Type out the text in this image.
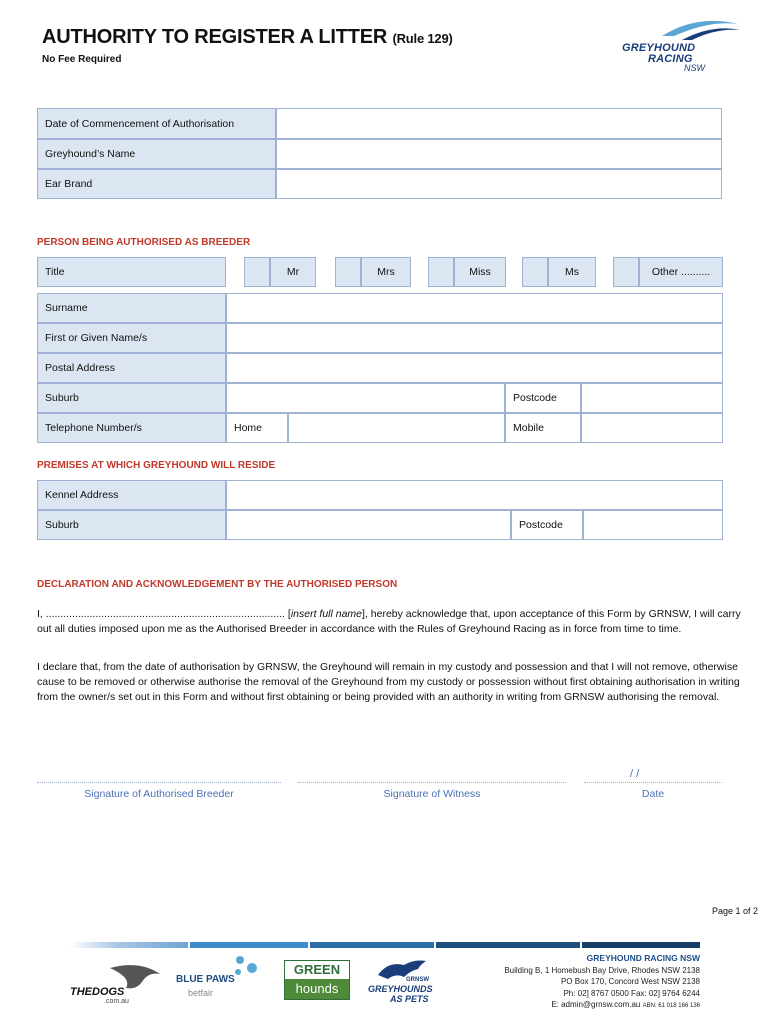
AUTHORITY TO REGISTER A LITTER (Rule 129)
No Fee Required
GREYHOUND
RACING
NSW
Date of Commencement of Authorisation
Greyhound’s Name
Ear Brand
PERSON BEING AUTHORISED AS BREEDER
Title	Mr	Mrs	Miss	Ms	Other ..........
Surname
First or Given Name/s
Postal Address
Suburb	Postcode
Telephone Number/s	Home	Mobile
PREMISES AT WHICH GREYHOUND WILL RESIDE
Kennel Address
Suburb	Postcode
DECLARATION AND ACKNOWLEDGEMENT BY THE AUTHORISED PERSON
I, .................................................................................. [insert full name], hereby acknowledge that, upon acceptance of this Form by GRNSW, I will carry out all duties imposed upon me as the Authorised Breeder in accordance with the Rules of Greyhound Racing as in force from time to time.
I declare that, from the date of authorisation by GRNSW, the Greyhound will remain in my custody and possession and that I will not remove, otherwise cause to be removed or otherwise authorise the removal of the Greyhound from my custody or possession without first obtaining authorisation in writing from the owner/s set out in this Form and without first obtaining or being provided with an authority in writing from GRNSW authorising the removal.
/ /
Signature of Authorised Breeder	Signature of Witness	Date
Page 1 of 2
THEDOGS
.com.au
BLUE PAWS
betfair
GREEN
hounds
GRNSW
GREYHOUNDS
AS PETS
GREYHOUND RACING NSW
Building B, 1 Homebush Bay Drive, Rhodes NSW 2138
PO Box 170, Concord West NSW 2138
Ph: 02] 8767 0500 Fax: 02] 9764 6244
E: admin@grnsw.com.au ABN: 61 018 166 136
